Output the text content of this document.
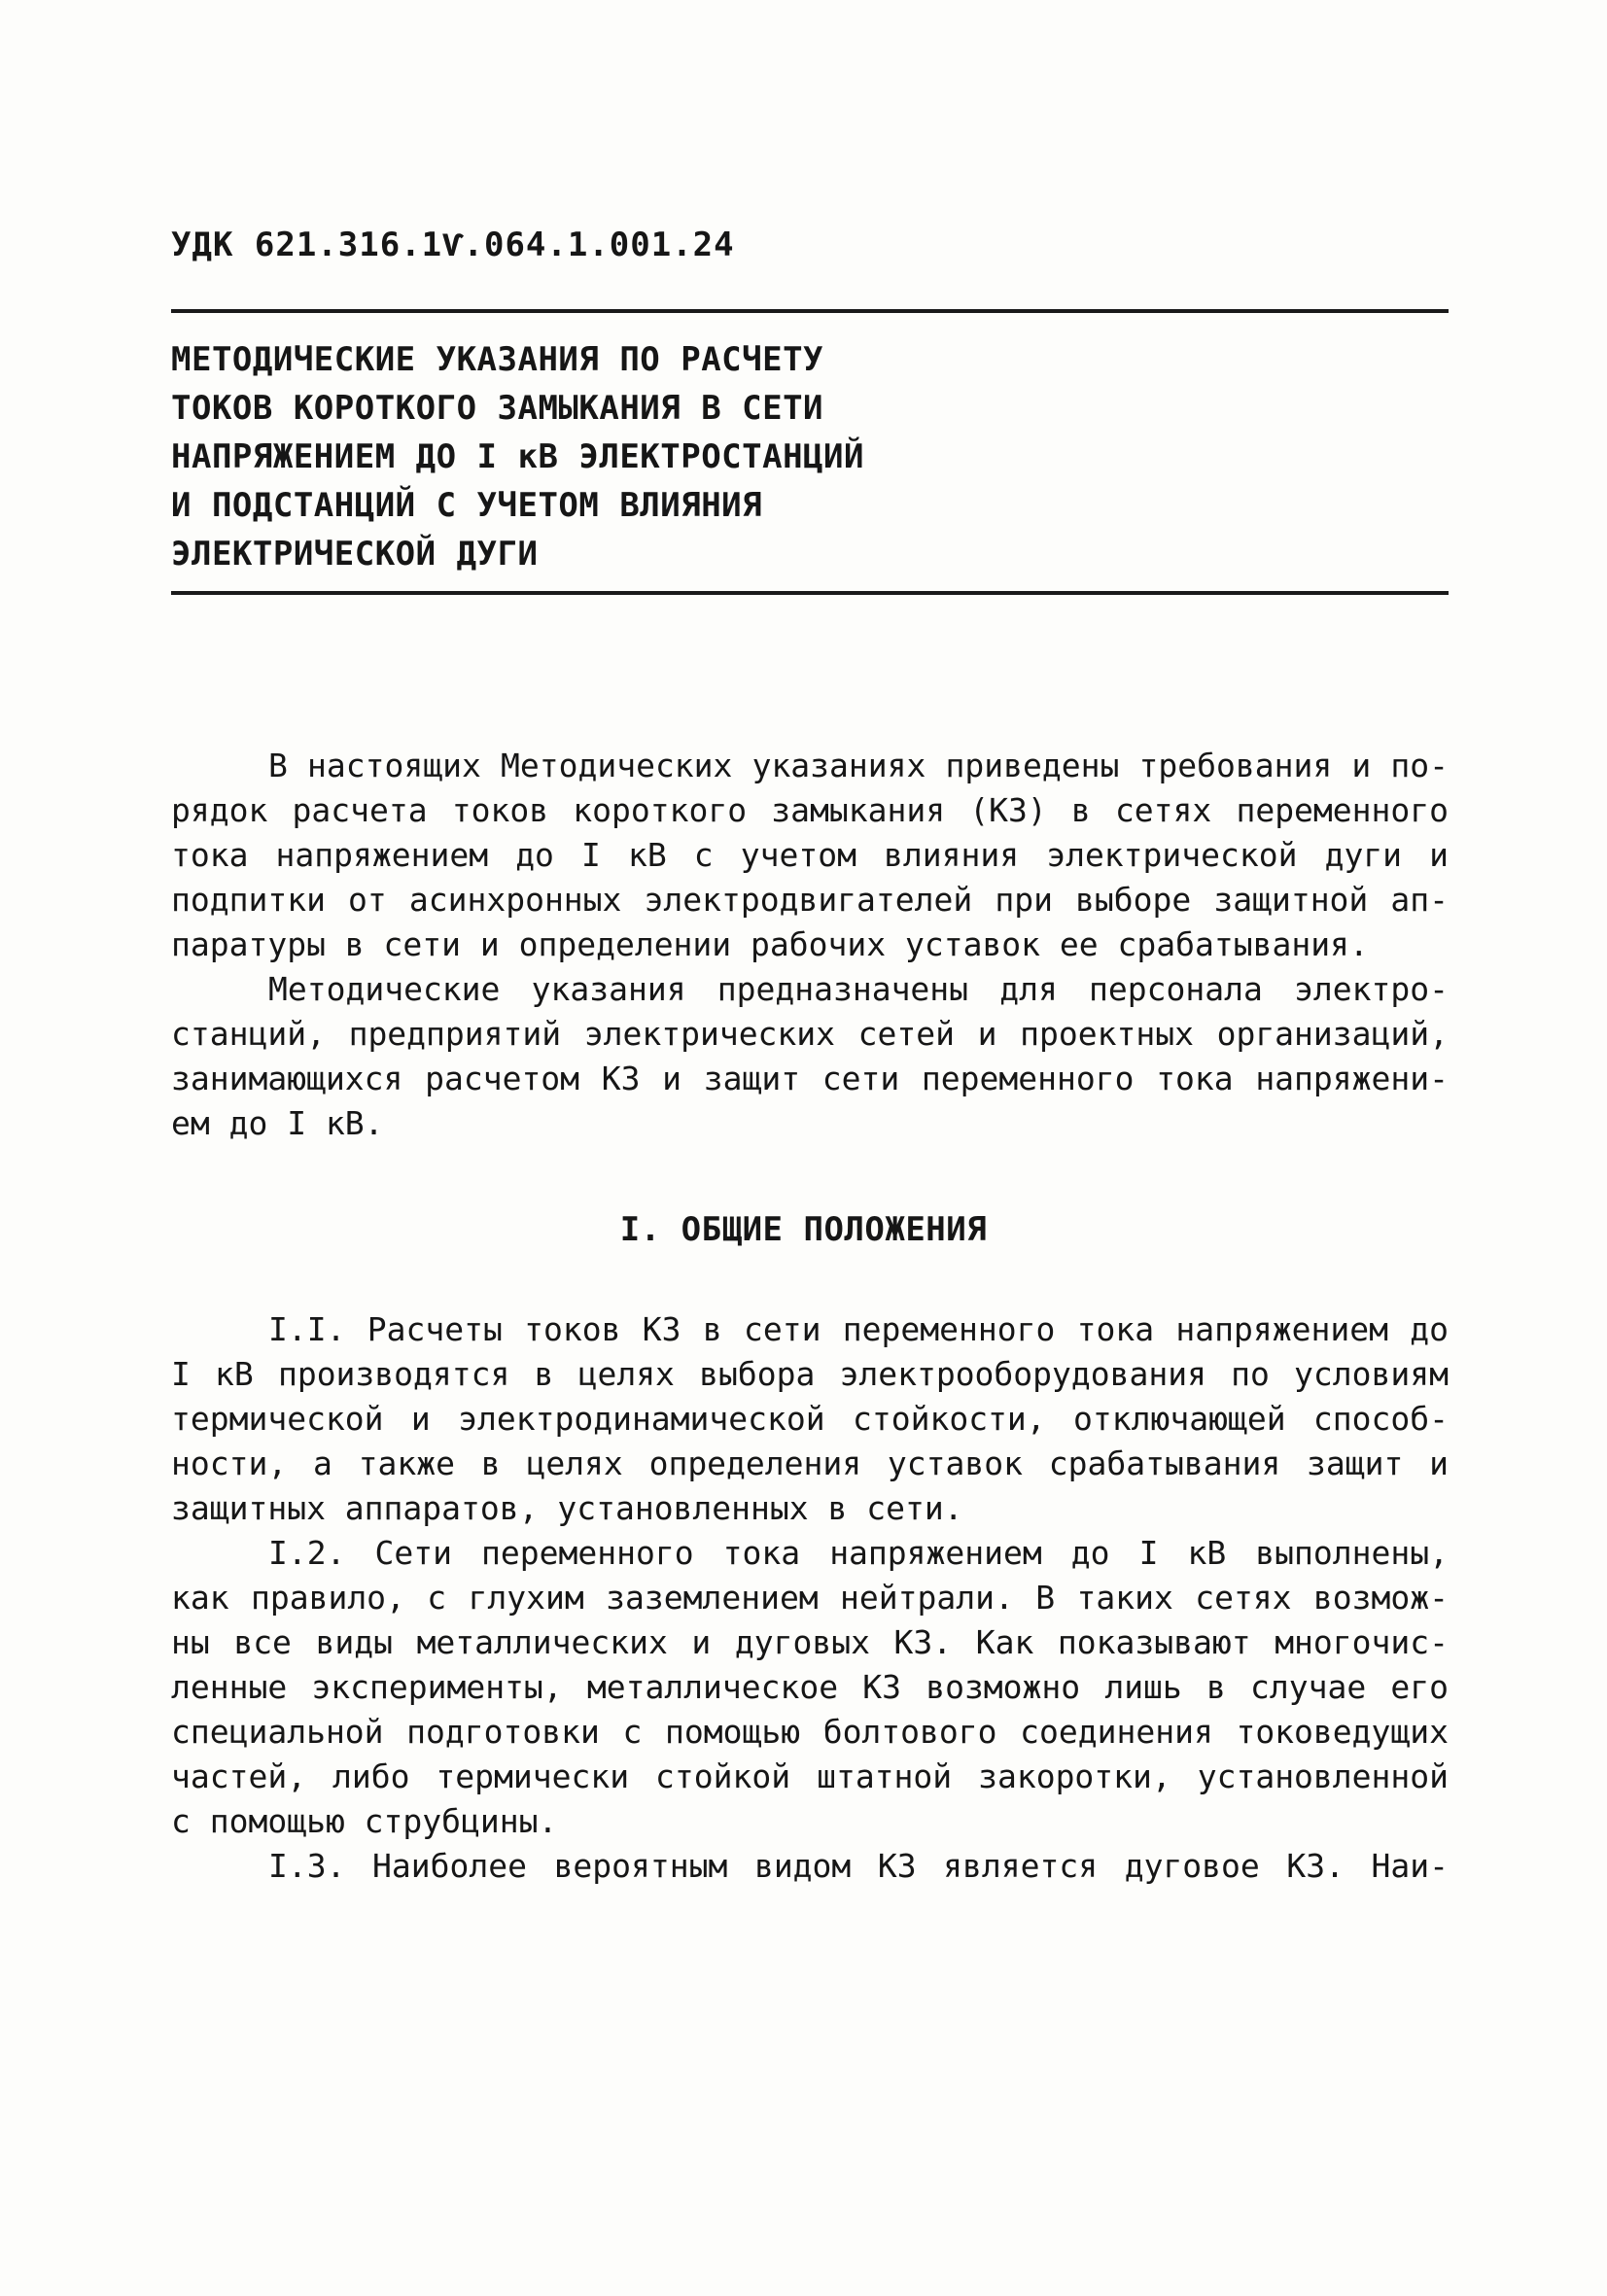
УДК 621.316.1Ѵ.064.1.001.24
МЕТОДИЧЕСКИЕ УКАЗАНИЯ ПО РАСЧЕТУ
ТОКОВ КОРОТКОГО ЗАМЫКАНИЯ В СЕТИ
НАПРЯЖЕНИЕМ ДО I кВ ЭЛЕКТРОСТАНЦИЙ
И ПОДСТАНЦИЙ С УЧЕТОМ ВЛИЯНИЯ
ЭЛЕКТРИЧЕСКОЙ ДУГИ
В настоящих Методических указаниях приведены требования и по-
рядок расчета токов короткого замыкания (КЗ) в сетях переменного
тока напряжением до I кВ с учетом влияния электрической дуги и
подпитки от асинхронных электродвигателей при выборе защитной ап-
паратуры в сети и определении рабочих уставок ее срабатывания.
Методические указания предназначены для персонала электро-
станций, предприятий электрических сетей и проектных организаций,
занимающихся расчетом КЗ и защит сети переменного тока напряжени-
ем до I кВ.
I. ОБЩИЕ ПОЛОЖЕНИЯ
I.I. Расчеты токов КЗ в сети переменного тока напряжением до
I кВ производятся в целях выбора электрооборудования по условиям
термической и электродинамической стойкости, отключающей способ-
ности, а также в целях определения уставок срабатывания защит и
защитных аппаратов, установленных в сети.
I.2. Сети переменного тока напряжением до I кВ выполнены,
как правило, с глухим заземлением нейтрали. В таких сетях возмож-
ны все виды металлических и дуговых КЗ. Как показывают многочис-
ленные эксперименты, металлическое КЗ возможно лишь в случае его
специальной подготовки с помощью болтового соединения токоведущих
частей, либо термически стойкой штатной закоротки, установленной
с помощью струбцины.
I.3. Наиболее вероятным видом КЗ является дуговое КЗ. Наи-
